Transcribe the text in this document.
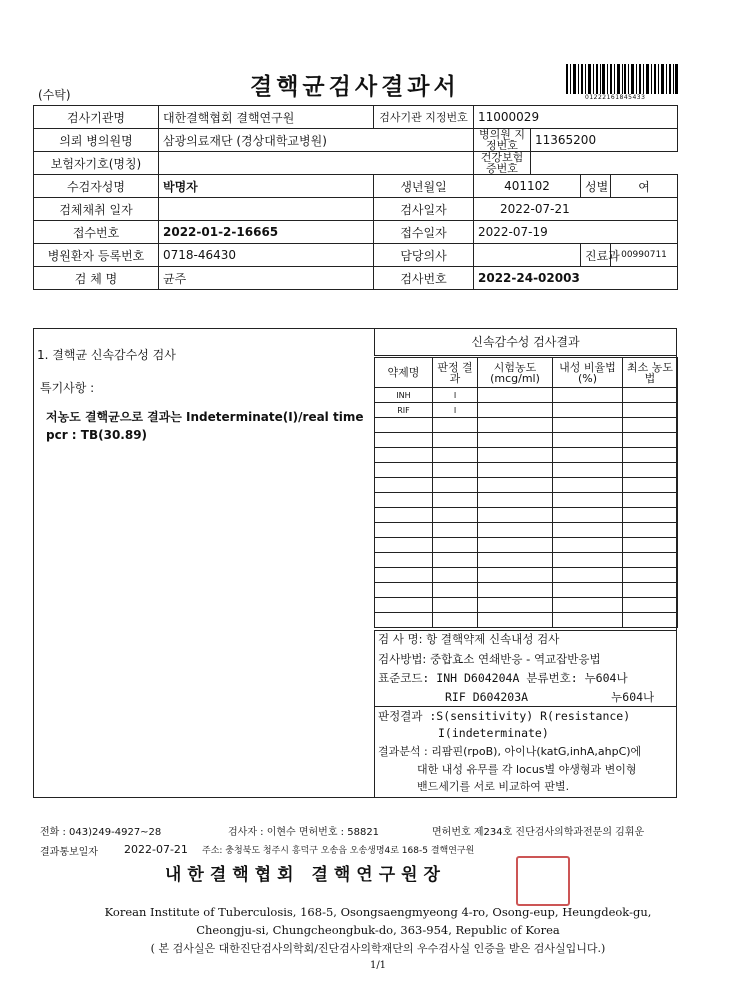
(수탁)	결핵균검사결과서	01222161845433
검사기관명	대한결핵협회 결핵연구원	검사기관 지정번호	11000029			
의뢰 병의원명	삼광의료재단 (경상대학교병원)		병의원 지정번호	11365200		
보험자기호(명칭)			건강보험 증번호			
수검자성명	박명자	생년월일	401102		성별	여
검체채취 일자		검사일자	2022-07-21			
접수번호	2022-01-2-16665	접수일자	2022-07-19			
병원환자 등록번호	0718-46430	담당의사			진료과	00990711
검 체 명	균주	검사번호	2022-24-02003			
1. 결핵균 신속감수성 검사
특기사항 :
저농도 결핵균으로 결과는 Indeterminate(I)/real time pcr : TB(30.89)
신속감수성 검사결과
약제명	판정 결과	시험농도 (mcg/ml)	내성 비율법(%)	최소 농도법
INH	I			
RIF	I			

검 사 명: 항 결핵약제 신속내성 검사
검사방법: 중합효소 연쇄반응 - 역교잡반응법
표준코드: INH D604204A 분류번호: 누604나
RIF D604203A            누604나
판정결과 :S(sensitivity) R(resistance)
I(indeterminate)
결과분석 : 리팜핀(rpoB), 아이나(katG,inhA,ahpC)에
대한 내성 유무를 각 locus별 야생형과 변이형
밴드세기를 서로 비교하여 판별.
전화 : 043)249-4927~28	검사자 : 이현수 면허번호 : 58821	면허번호 제234호 진단검사의학과전문의 김휘운
결과통보일자 2022-07-21 주소: 충청북도 청주시 흥덕구 오송읍 오송생명4로 168-5 결핵연구원
내한결핵협회 결핵연구원장
Korean Institute of Tuberculosis, 168-5, Osongsaengmyeong 4-ro, Osong-eup, Heungdeok-gu,
Cheongju-si, Chungcheongbuk-do, 363-954, Republic of Korea
( 본 검사실은 대한진단검사의학회/진단검사의학재단의 우수검사실 인증을 받은 검사실입니다.)
1/1
